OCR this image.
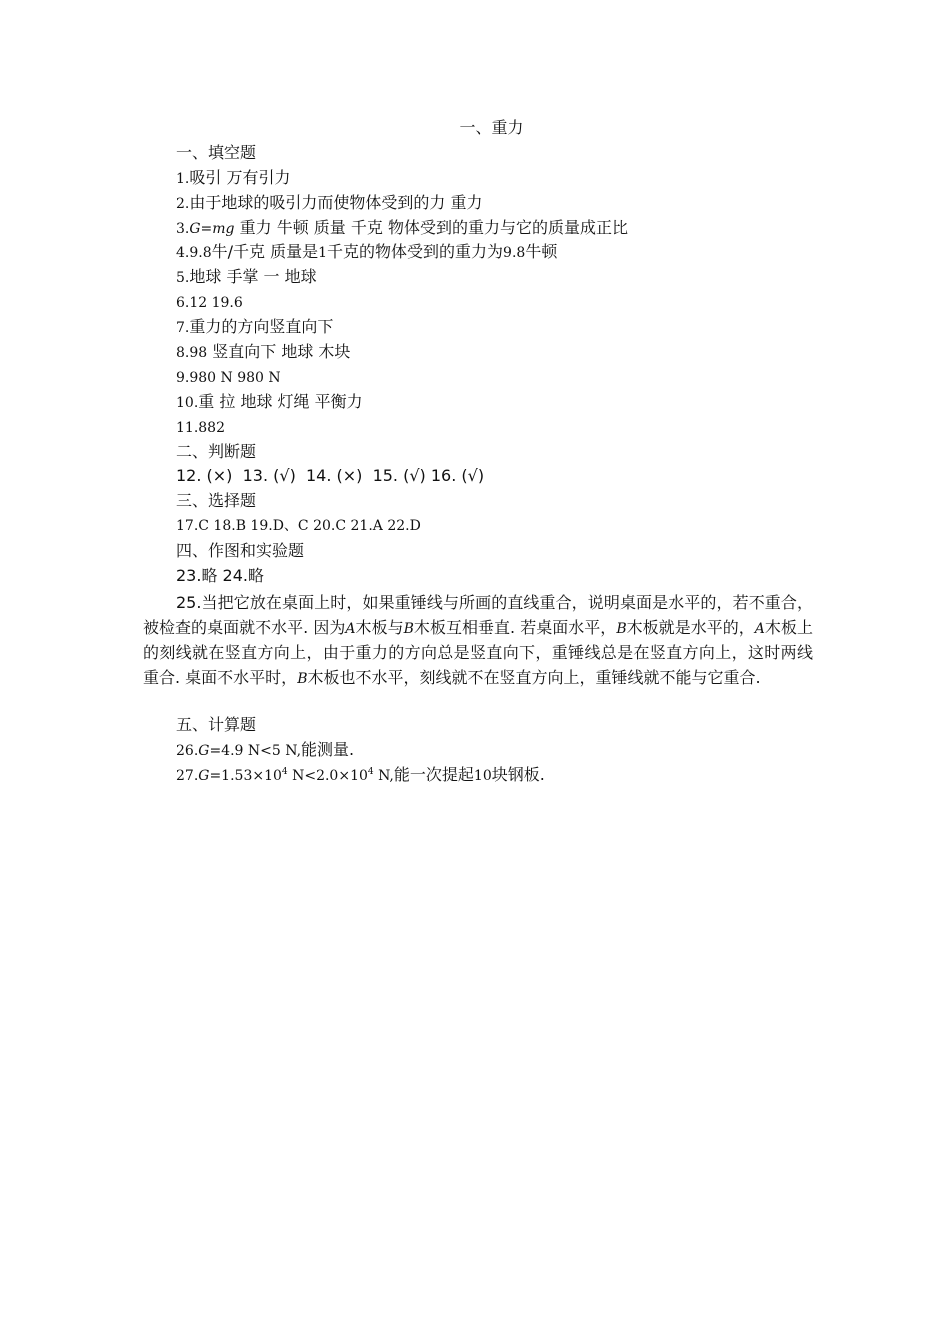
一、重力
一、填空题
1.吸引 万有引力
2.由于地球的吸引力而使物体受到的力 重力
3.G=mg 重力 牛顿 质量 千克 物体受到的重力与它的质量成正比
4.9.8牛/千克 质量是1千克的物体受到的重力为9.8牛顿
5.地球 手掌 一 地球
6.12 19.6
7.重力的方向竖直向下
8.98 竖直向下 地球 木块
9.980 N 980 N
10.重 拉 地球 灯绳 平衡力
11.882
二、判断题
12. (×)  13. (√)  14. (×)  15. (√) 16. (√)
三、选择题
17.C 18.B 19.D、C 20.C 21.A 22.D
四、作图和实验题
23.略 24.略
25.当把它放在桌面上时，如果重锤线与所画的直线重合，说明桌面是水平的，若不重合，被检查的桌面就不水平. 因为A木板与B木板互相垂直. 若桌面水平，B木板就是水平的，A木板上的刻线就在竖直方向上，由于重力的方向总是竖直向下，重锤线总是在竖直方向上，这时两线重合. 桌面不水平时，B木板也不水平，刻线就不在竖直方向上，重锤线就不能与它重合.
五、计算题
26.G=4.9 N<5 N,能测量.
$27.G=1.53\times 10^4$ $N<2.0\times 10^4$ N,能一次提起10块钢板.
